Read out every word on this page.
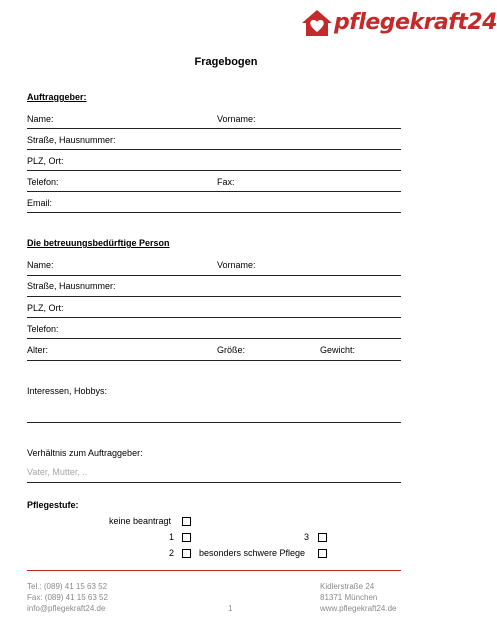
pflegekraft24
Fragebogen
Auftraggeber:
Name:	Vorname:
Straße, Hausnummer:
PLZ, Ort:
Telefon:	Fax:
Email:
Die betreuungsbedürftige Person
Name:	Vorname:
Straße, Hausnummer:
PLZ, Ort:
Telefon:
Alter:	Größe:	Gewicht:
Interessen, Hobbys:
Verhältnis zum Auftraggeber:
Vater, Mutter, ..
Pflegestufe:
keine beantragt
1	3
2	besonders schwere Pflege
Tel.: (089) 41 15 63 52
Fax: (089) 41 15 63 52
info@pflegekraft24.de	1
Kidlerstraße 24
81371 München
www.pflegekraft24.de
